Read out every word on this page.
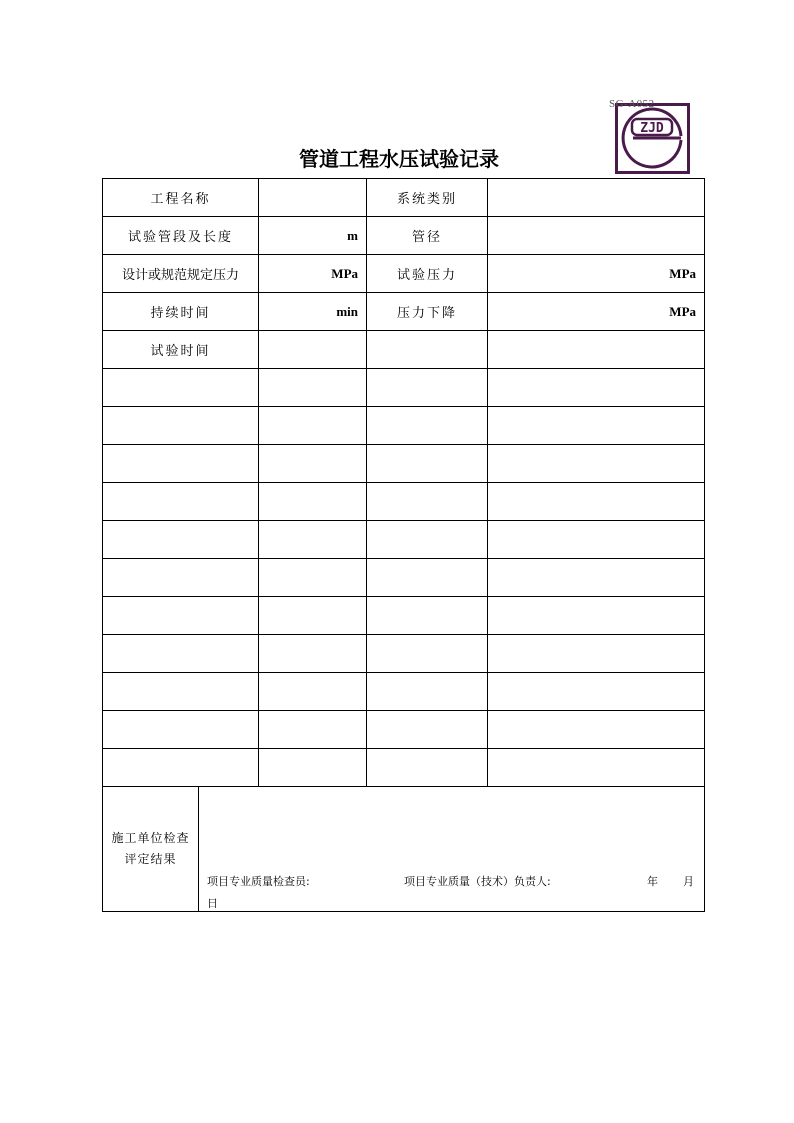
SG-A052
ZJD
管道工程水压试验记录
工程名称			系统类别	
试验管段及长度		m	管径	
设计或规范规定压力		MPa	试验压力	MPa
持续时间		min	压力下降	MPa
试验时间				

施工单位检查
评定结果

项目专业质量检查员:	项目专业质量（技术）负责人:	年 月
日
